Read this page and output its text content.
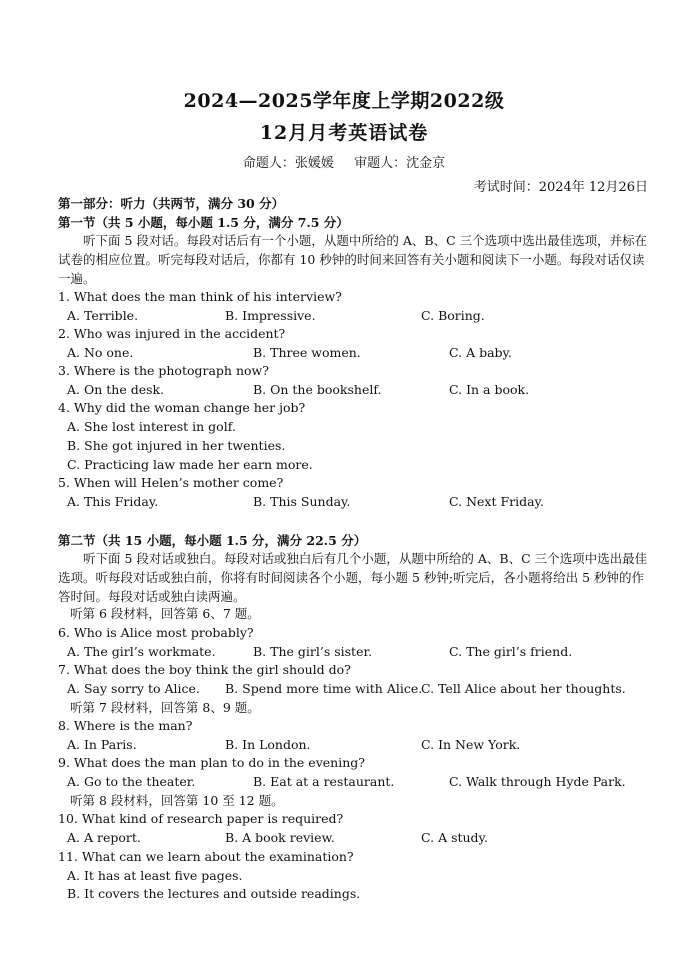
2024—2025学年度上学期2022级
12月月考英语试卷
命题人：张媛媛 审题人：沈金京
考试时间：2024年 12月26日
第一部分：听力（共两节，满分 30 分）
第一节（共 5 小题，每小题 1.5 分，满分 7.5 分）
听下面 5 段对话。每段对话后有一个小题，从题中所给的 A、B、C 三个选项中选出最佳选项，并标在试卷的相应位置。听完每段对话后，你都有 10 秒钟的时间来回答有关小题和阅读下一小题。每段对话仅读一遍。
1. What does the man think of his interview?
A. Terrible.	B. Impressive.	C. Boring.
2. Who was injured in the accident?
A. No one.	B. Three women.	C. A baby.
3. Where is the photograph now?
A. On the desk.	B. On the bookshelf.	C. In a book.
4. Why did the woman change her job?
A. She lost interest in golf.
B. She got injured in her twenties.
C. Practicing law made her earn more.
5. When will Helen’s mother come?
A. This Friday.	B. This Sunday.	C. Next Friday.
第二节（共 15 小题，每小题 1.5 分，满分 22.5 分）
听下面 5 段对话或独白。每段对话或独白后有几个小题，从题中所给的 A、B、C 三个选项中选出最佳选项。听每段对话或独白前，你将有时间阅读各个小题，每小题 5 秒钟;听完后，各小题将给出 5 秒钟的作答时间。每段对话或独白读两遍。
听第 6 段材料，回答第 6、7 题。
6. Who is Alice most probably?
A. The girl’s workmate.	B. The girl’s sister.	C. The girl’s friend.
7. What does the boy think the girl should do?
A. Say sorry to Alice. B. Spend more time with Alice.
C. Tell Alice about her thoughts.
听第 7 段材料，回答第 8、9 题。
8. Where is the man?
A. In Paris.	B. In London.	C. In New York.
9. What does the man plan to do in the evening?
A. Go to the theater.	B. Eat at a restaurant.	C. Walk through Hyde Park.
听第 8 段材料，回答第 10 至 12 题。
10. What kind of research paper is required?
A. A report.	B. A book review.	C. A study.
11. What can we learn about the examination?
A. It has at least five pages.
B. It covers the lectures and outside readings.
